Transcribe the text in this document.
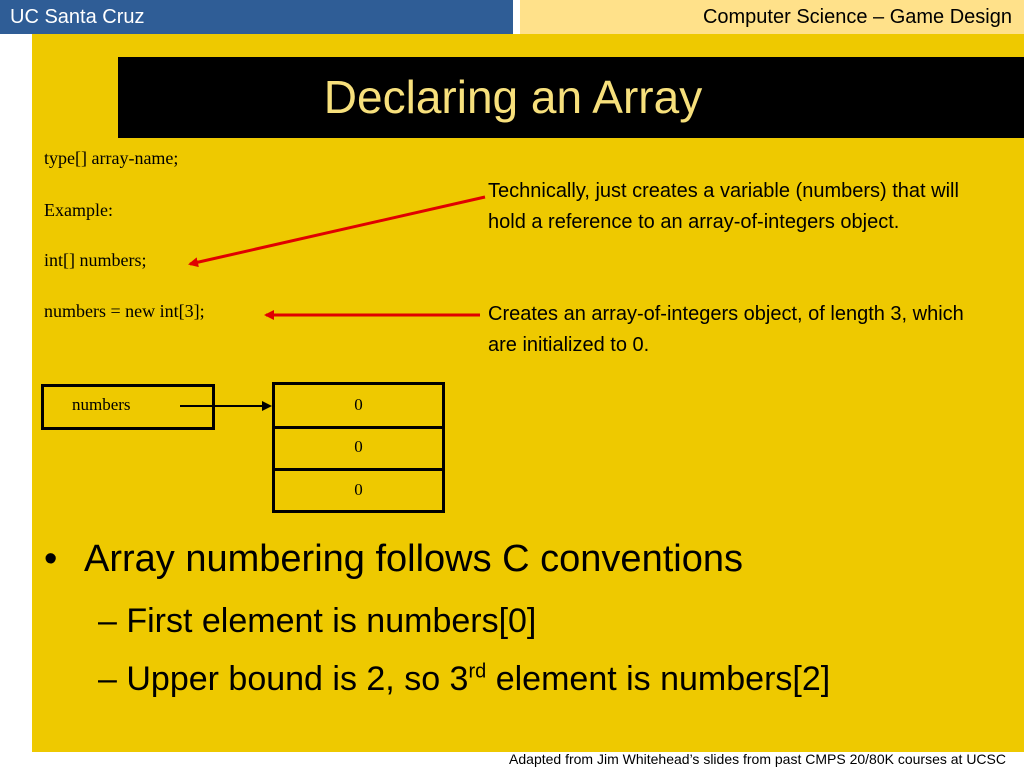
UC Santa Cruz	Computer Science – Game Design
Declaring an Array
type[] array-name;
Example:
int[] numbers;
numbers = new int[3];
Technically, just creates a variable (numbers) that will hold a reference to an array-of-integers object.
Creates an array-of-integers object, of length 3, which are initialized to 0.
numbers	0
0
0
• Array numbering follows C conventions
– First element is numbers[0]
– Upper bound is 2, so 3rd element is numbers[2]
Adapted from Jim Whitehead’s slides from past CMPS 20/80K courses at UCSC
